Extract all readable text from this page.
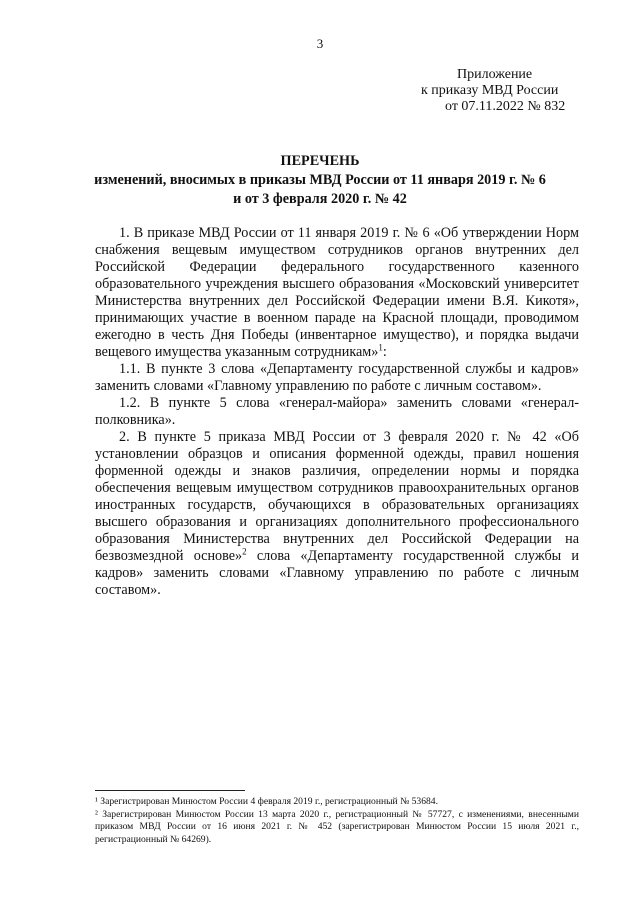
3
Приложение
к приказу МВД России
от 07.11.2022 № 832
ПЕРЕЧЕНЬ
изменений, вносимых в приказы МВД России от 11 января 2019 г. № 6
и от 3 февраля 2020 г. № 42

1. В приказе МВД России от 11 января 2019 г. № 6 «Об утверждении Норм снабжения вещевым имуществом сотрудников органов внутренних дел Российской Федерации федерального государственного казенного образовательного учреждения высшего образования «Московский университет Министерства внутренних дел Российской Федерации имени В.Я. Кикотя», принимающих участие в военном параде на Красной площади, проводимом ежегодно в честь Дня Победы (инвентарное имущество), и порядка выдачи вещевого имущества указанным сотрудникам»$^1$:

1.1. В пункте 3 слова «Департаменту государственной службы и кадров» заменить словами «Главному управлению по работе с личным составом».

1.2. В пункте 5 слова «генерал-майора» заменить словами «генерал-полковника».

2. В пункте 5 приказа МВД России от 3 февраля 2020 г. № 42 «Об установлении образцов и описания форменной одежды, правил ношения форменной одежды и знаков различия, определении нормы и порядка обеспечения вещевым имуществом сотрудников правоохранительных органов иностранных государств, обучающихся в образовательных организациях высшего образования и организациях дополнительного профессионального образования Министерства внутренних дел Российской Федерации на безвозмездной основе»$^2$ слова «Департаменту государственной службы и кадров» заменить словами «Главному управлению по работе с личным составом».

¹ Зарегистрирован Минюстом России 4 февраля 2019 г., регистрационный № 53684.

² Зарегистрирован Минюстом России 13 марта 2020 г., регистрационный № 57727, с изменениями, внесенными приказом МВД России от 16 июня 2021 г. № 452 (зарегистрирован Минюстом России 15 июля 2021 г., регистрационный № 64269).
